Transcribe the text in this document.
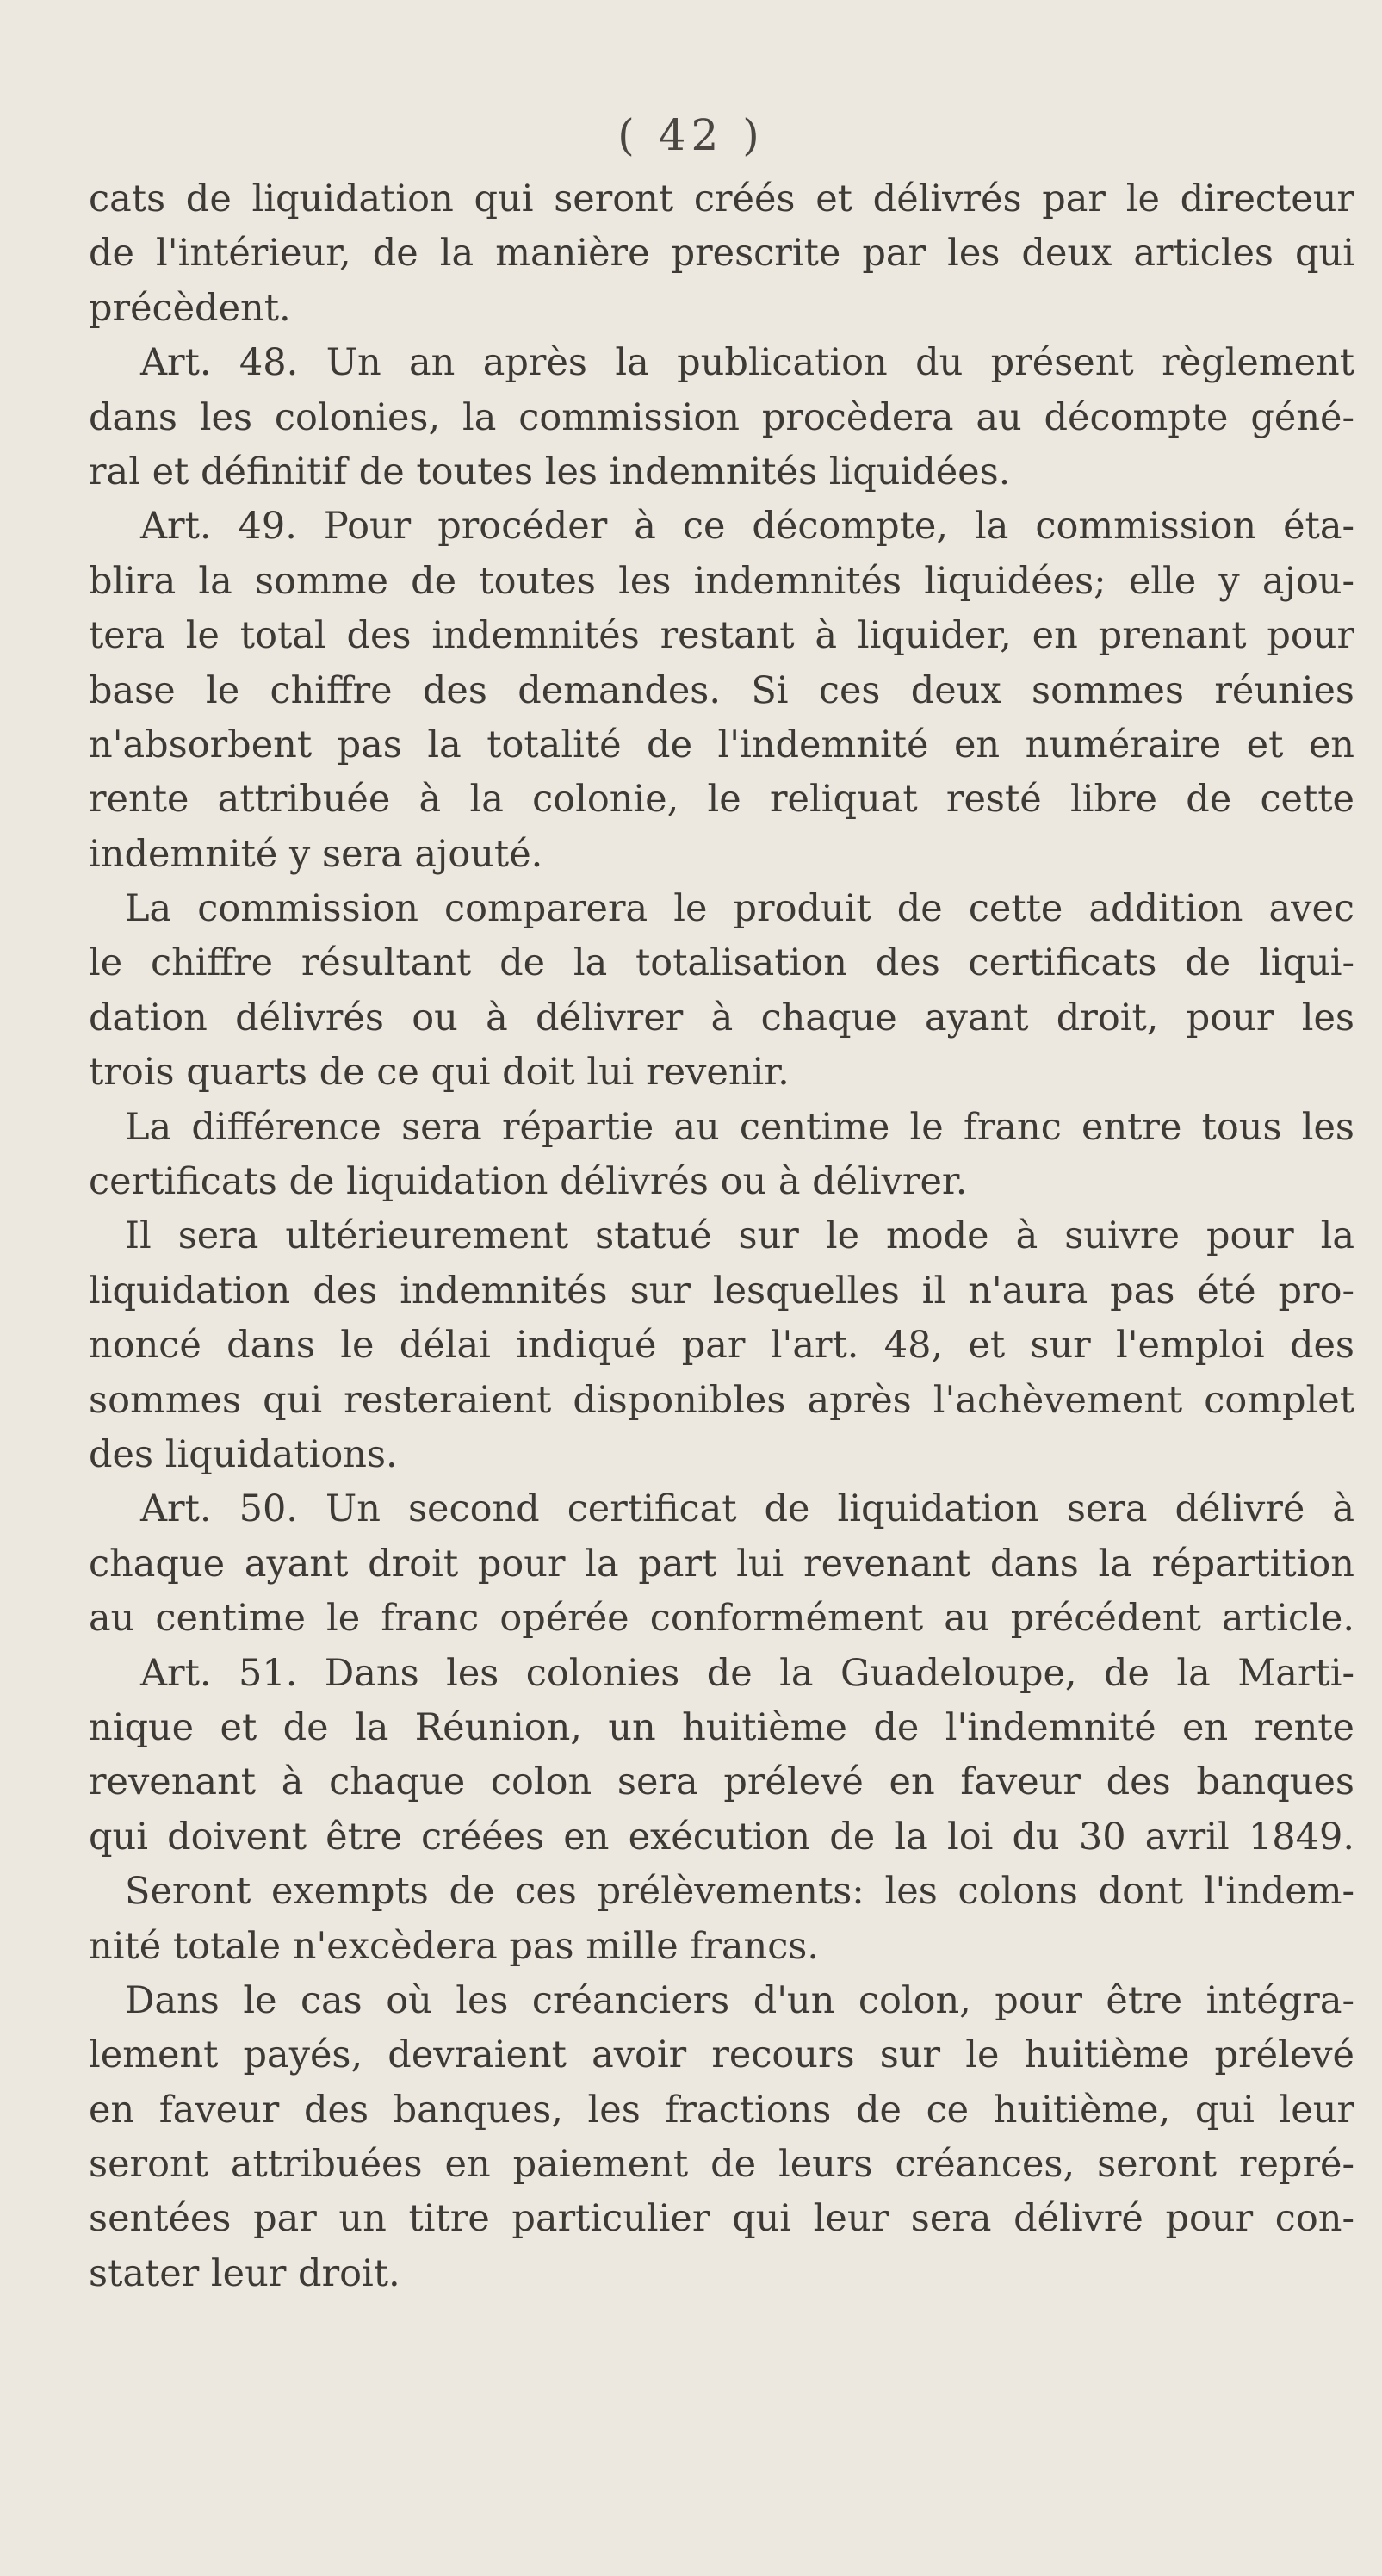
( 42 )
cats de liquidation qui seront créés et délivrés par le directeur
de l'intérieur, de la manière prescrite par les deux articles qui
précèdent.
Art. 48. Un an après la publication du présent règlement
dans les colonies, la commission procèdera au décompte géné-
ral et définitif de toutes les indemnités liquidées.
Art. 49. Pour procéder à ce décompte, la commission éta-
blira la somme de toutes les indemnités liquidées; elle y ajou-
tera le total des indemnités restant à liquider, en prenant pour
base le chiffre des demandes. Si ces deux sommes réunies
n'absorbent pas la totalité de l'indemnité en numéraire et en
rente attribuée à la colonie, le reliquat resté libre de cette
indemnité y sera ajouté.
La commission comparera le produit de cette addition avec
le chiffre résultant de la totalisation des certificats de liqui-
dation délivrés ou à délivrer à chaque ayant droit, pour les
trois quarts de ce qui doit lui revenir.
La différence sera répartie au centime le franc entre tous les
certificats de liquidation délivrés ou à délivrer.
Il sera ultérieurement statué sur le mode à suivre pour la
liquidation des indemnités sur lesquelles il n'aura pas été pro-
noncé dans le délai indiqué par l'art. 48, et sur l'emploi des
sommes qui resteraient disponibles après l'achèvement complet
des liquidations.
Art. 50. Un second certificat de liquidation sera délivré à
chaque ayant droit pour la part lui revenant dans la répartition
au centime le franc opérée conformément au précédent article.
Art. 51. Dans les colonies de la Guadeloupe, de la Marti-
nique et de la Réunion, un huitième de l'indemnité en rente
revenant à chaque colon sera prélevé en faveur des banques
qui doivent être créées en exécution de la loi du 30 avril 1849.
Seront exempts de ces prélèvements: les colons dont l'indem-
nité totale n'excèdera pas mille francs.
Dans le cas où les créanciers d'un colon, pour être intégra-
lement payés, devraient avoir recours sur le huitième prélevé
en faveur des banques, les fractions de ce huitième, qui leur
seront attribuées en paiement de leurs créances, seront repré-
sentées par un titre particulier qui leur sera délivré pour con-
stater leur droit.
